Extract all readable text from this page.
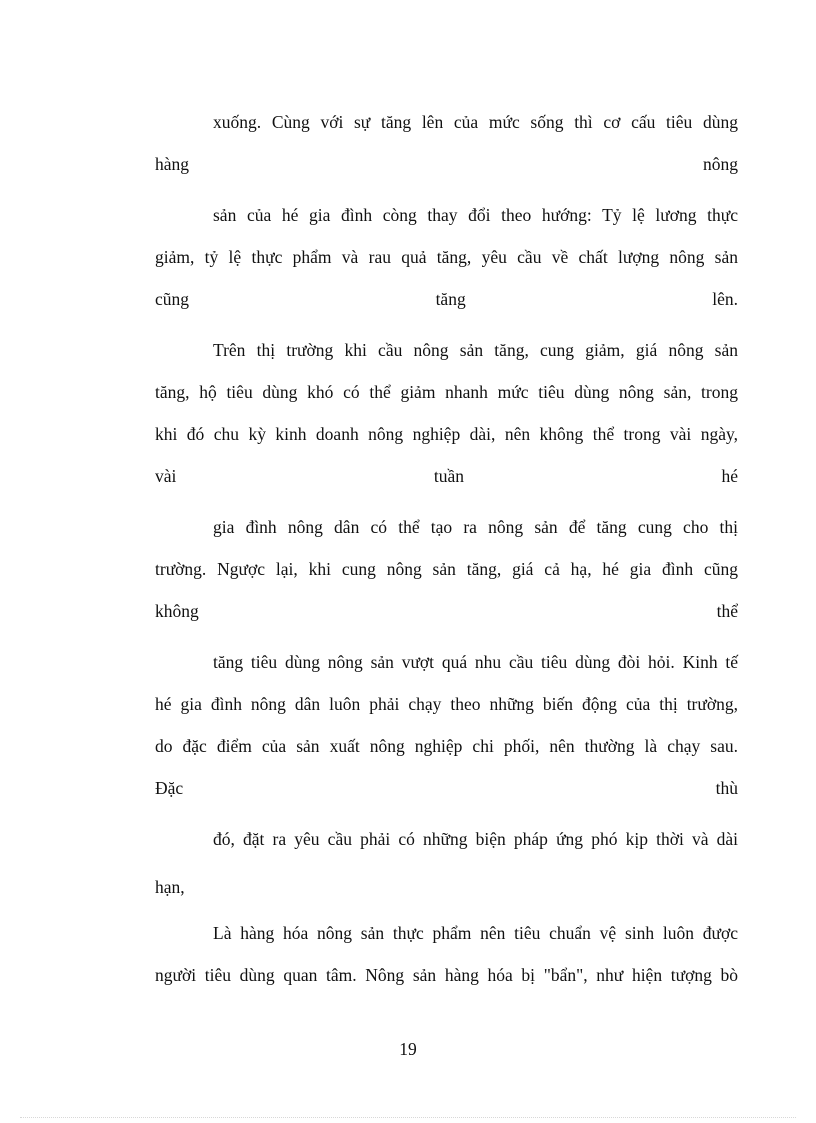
xuống. Cùng với sự tăng lên của mức sống thì cơ cấu tiêu dùng
hàng	nông
sản của hé gia đình còng thay đổi theo hướng: Tỷ lệ lương thực
giảm, tỷ lệ thực phẩm và rau quả tăng, yêu cầu về chất lượng nông sản
cũng	tăng	lên.
Trên thị trường khi cầu nông sản tăng, cung giảm, giá nông sản
tăng, hộ tiêu dùng khó có thể giảm nhanh mức tiêu dùng nông sản, trong
khi đó chu kỳ kinh doanh nông nghiệp dài, nên không thể trong vài ngày,
vài	tuần	hé
gia đình nông dân có thể tạo ra nông sản để tăng cung cho thị
trường. Ngược lại, khi cung nông sản tăng, giá cả hạ, hé gia đình cũng
không	thể
tăng tiêu dùng nông sản vượt quá nhu cầu tiêu dùng đòi hỏi. Kinh tế
hé gia đình nông dân luôn phải chạy theo những biến động của thị trường,
do đặc điểm của sản xuất nông nghiệp chi phối, nên thường là chạy sau.
Đặc	thù
đó, đặt ra yêu cầu phải có những biện pháp ứng phó kịp thời và dài
hạn,
Là hàng hóa nông sản thực phẩm nên tiêu chuẩn vệ sinh luôn được
người tiêu dùng quan tâm. Nông sản hàng hóa bị "bẩn", như hiện tượng bò
19
